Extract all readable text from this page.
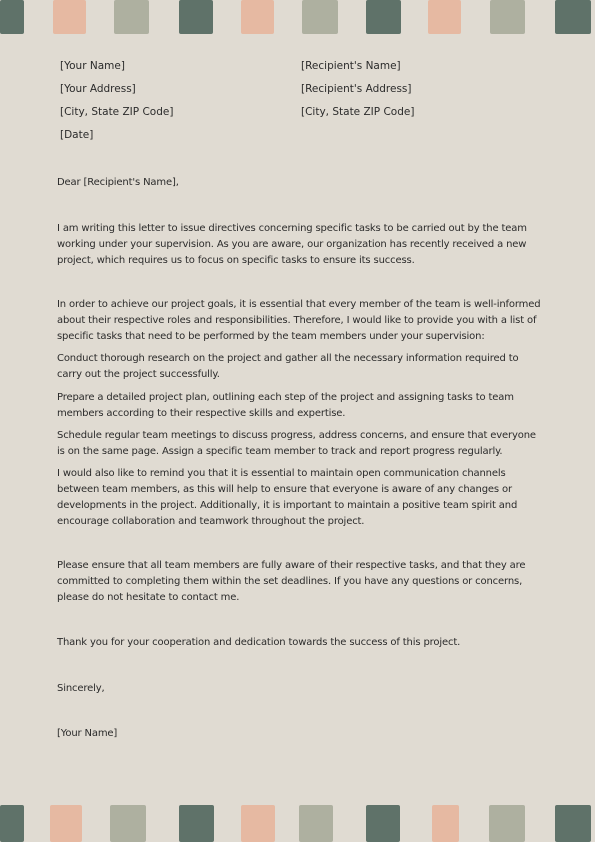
[Your Name]
[Your Address]
[City, State ZIP Code]
[Date]
[Recipient's Name]
[Recipient's Address]
[City, State ZIP Code]

Dear [Recipient's Name],

I am writing this letter to issue directives concerning specific tasks to be carried out by the team working under your supervision. As you are aware, our organization has recently received a new project, which requires us to focus on specific tasks to ensure its success.

In order to achieve our project goals, it is essential that every member of the team is well-informed about their respective roles and responsibilities. Therefore, I would like to provide you with a list of specific tasks that need to be performed by the team members under your supervision:

Conduct thorough research on the project and gather all the necessary information required to carry out the project successfully.

Prepare a detailed project plan, outlining each step of the project and assigning tasks to team members according to their respective skills and expertise.

Schedule regular team meetings to discuss progress, address concerns, and ensure that everyone is on the same page. Assign a specific team member to track and report progress regularly.

I would also like to remind you that it is essential to maintain open communication channels between team members, as this will help to ensure that everyone is aware of any changes or developments in the project. Additionally, it is important to maintain a positive team spirit and encourage collaboration and teamwork throughout the project.

Please ensure that all team members are fully aware of their respective tasks, and that they are committed to completing them within the set deadlines. If you have any questions or concerns, please do not hesitate to contact me.

Thank you for your cooperation and dedication towards the success of this project.

Sincerely,

[Your Name]
